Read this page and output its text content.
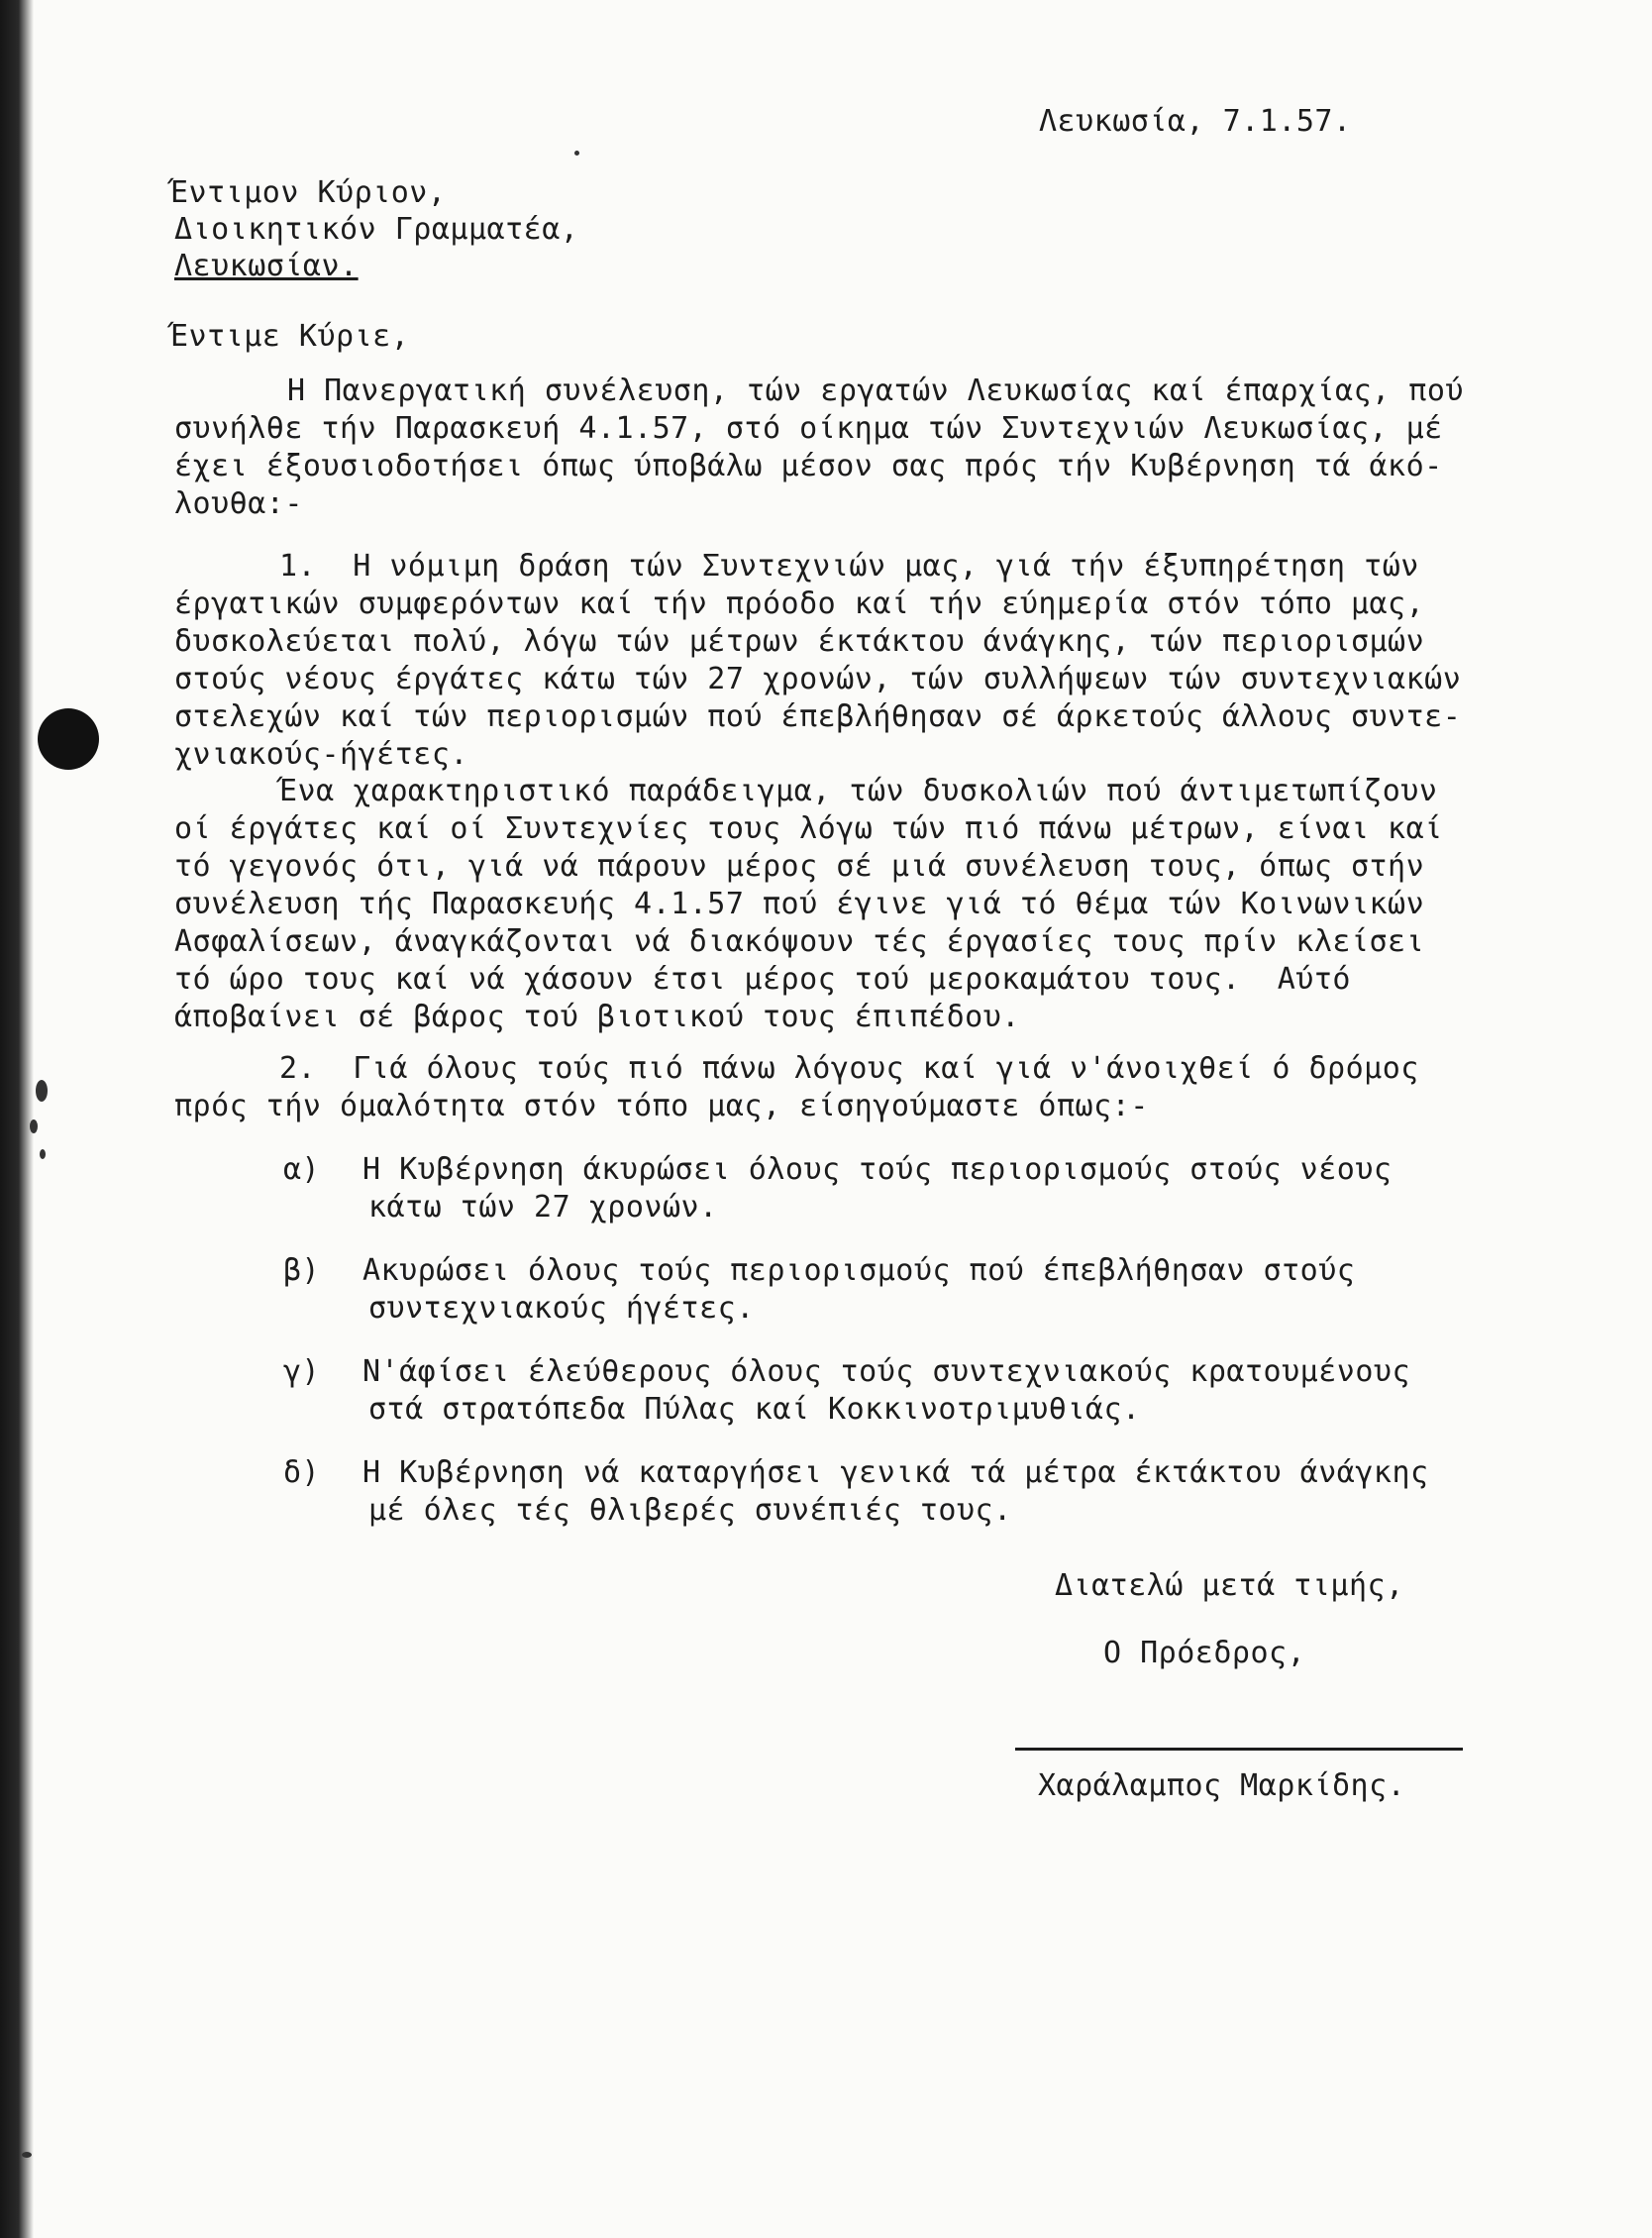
Λευκωσία, 7.1.57.
Έντιμον Κύριον,
Διοικητικόν Γραμματέα,
Λευκωσίαν.
Έντιμε Κύριε,
Η Πανεργατική συνέλευση, τών εργατών Λευκωσίας καί έπαρχίας, πού
συνήλθε τήν Παρασκευή 4.1.57, στό οίκημα τών Συντεχνιών Λευκωσίας, μέ
έχει έξουσιοδοτήσει όπως ύποβάλω μέσον σας πρός τήν Κυβέρνηση τά άκό-
λουθα:-
1.  Η νόμιμη δράση τών Συντεχνιών μας, γιά τήν έξυπηρέτηση τών
έργατικών συμφερόντων καί τήν πρόοδο καί τήν εύημερία στόν τόπο μας,
δυσκολεύεται πολύ, λόγω τών μέτρων έκτάκτου άνάγκης, τών περιορισμών
στούς νέους έργάτες κάτω τών 27 χρονών, τών συλλήψεων τών συντεχνιακών
στελεχών καί τών περιορισμών πού έπεβλήθησαν σέ άρκετούς άλλους συντε-
χνιακούς-ήγέτες.
Ένα χαρακτηριστικό παράδειγμα, τών δυσκολιών πού άντιμετωπίζουν
οί έργάτες καί οί Συντεχνίες τους λόγω τών πιό πάνω μέτρων, είναι καί
τό γεγονός ότι, γιά νά πάρουν μέρος σέ μιά συνέλευση τους, όπως στήν
συνέλευση τής Παρασκευής 4.1.57 πού έγινε γιά τό θέμα τών Κοινωνικών
Ασφαλίσεων, άναγκάζονται νά διακόψουν τές έργασίες τους πρίν κλείσει
τό ώρο τους καί νά χάσουν έτσι μέρος τού μεροκαμάτου τους.  Αύτό
άποβαίνει σέ βάρος τού βιοτικού τους έπιπέδου.
2.  Γιά όλους τούς πιό πάνω λόγους καί γιά ν'άνοιχθεί ό δρόμος
πρός τήν όμαλότητα στόν τόπο μας, είσηγούμαστε όπως:-
α) Η Κυβέρνηση άκυρώσει όλους τούς περιορισμούς στούς νέους
κάτω τών 27 χρονών.
β) Ακυρώσει όλους τούς περιορισμούς πού έπεβλήθησαν στούς
συντεχνιακούς ήγέτες.
γ) Ν'άφίσει έλεύθερους όλους τούς συντεχνιακούς κρατουμένους
στά στρατόπεδα Πύλας καί Κοκκινοτριμυθιάς.
δ) Η Κυβέρνηση νά καταργήσει γενικά τά μέτρα έκτάκτου άνάγκης
μέ όλες τές θλιβερές συνέπιές τους.
Διατελώ μετά τιμής,
Ο Πρόεδρος,
Χαράλαμπος Μαρκίδης.
